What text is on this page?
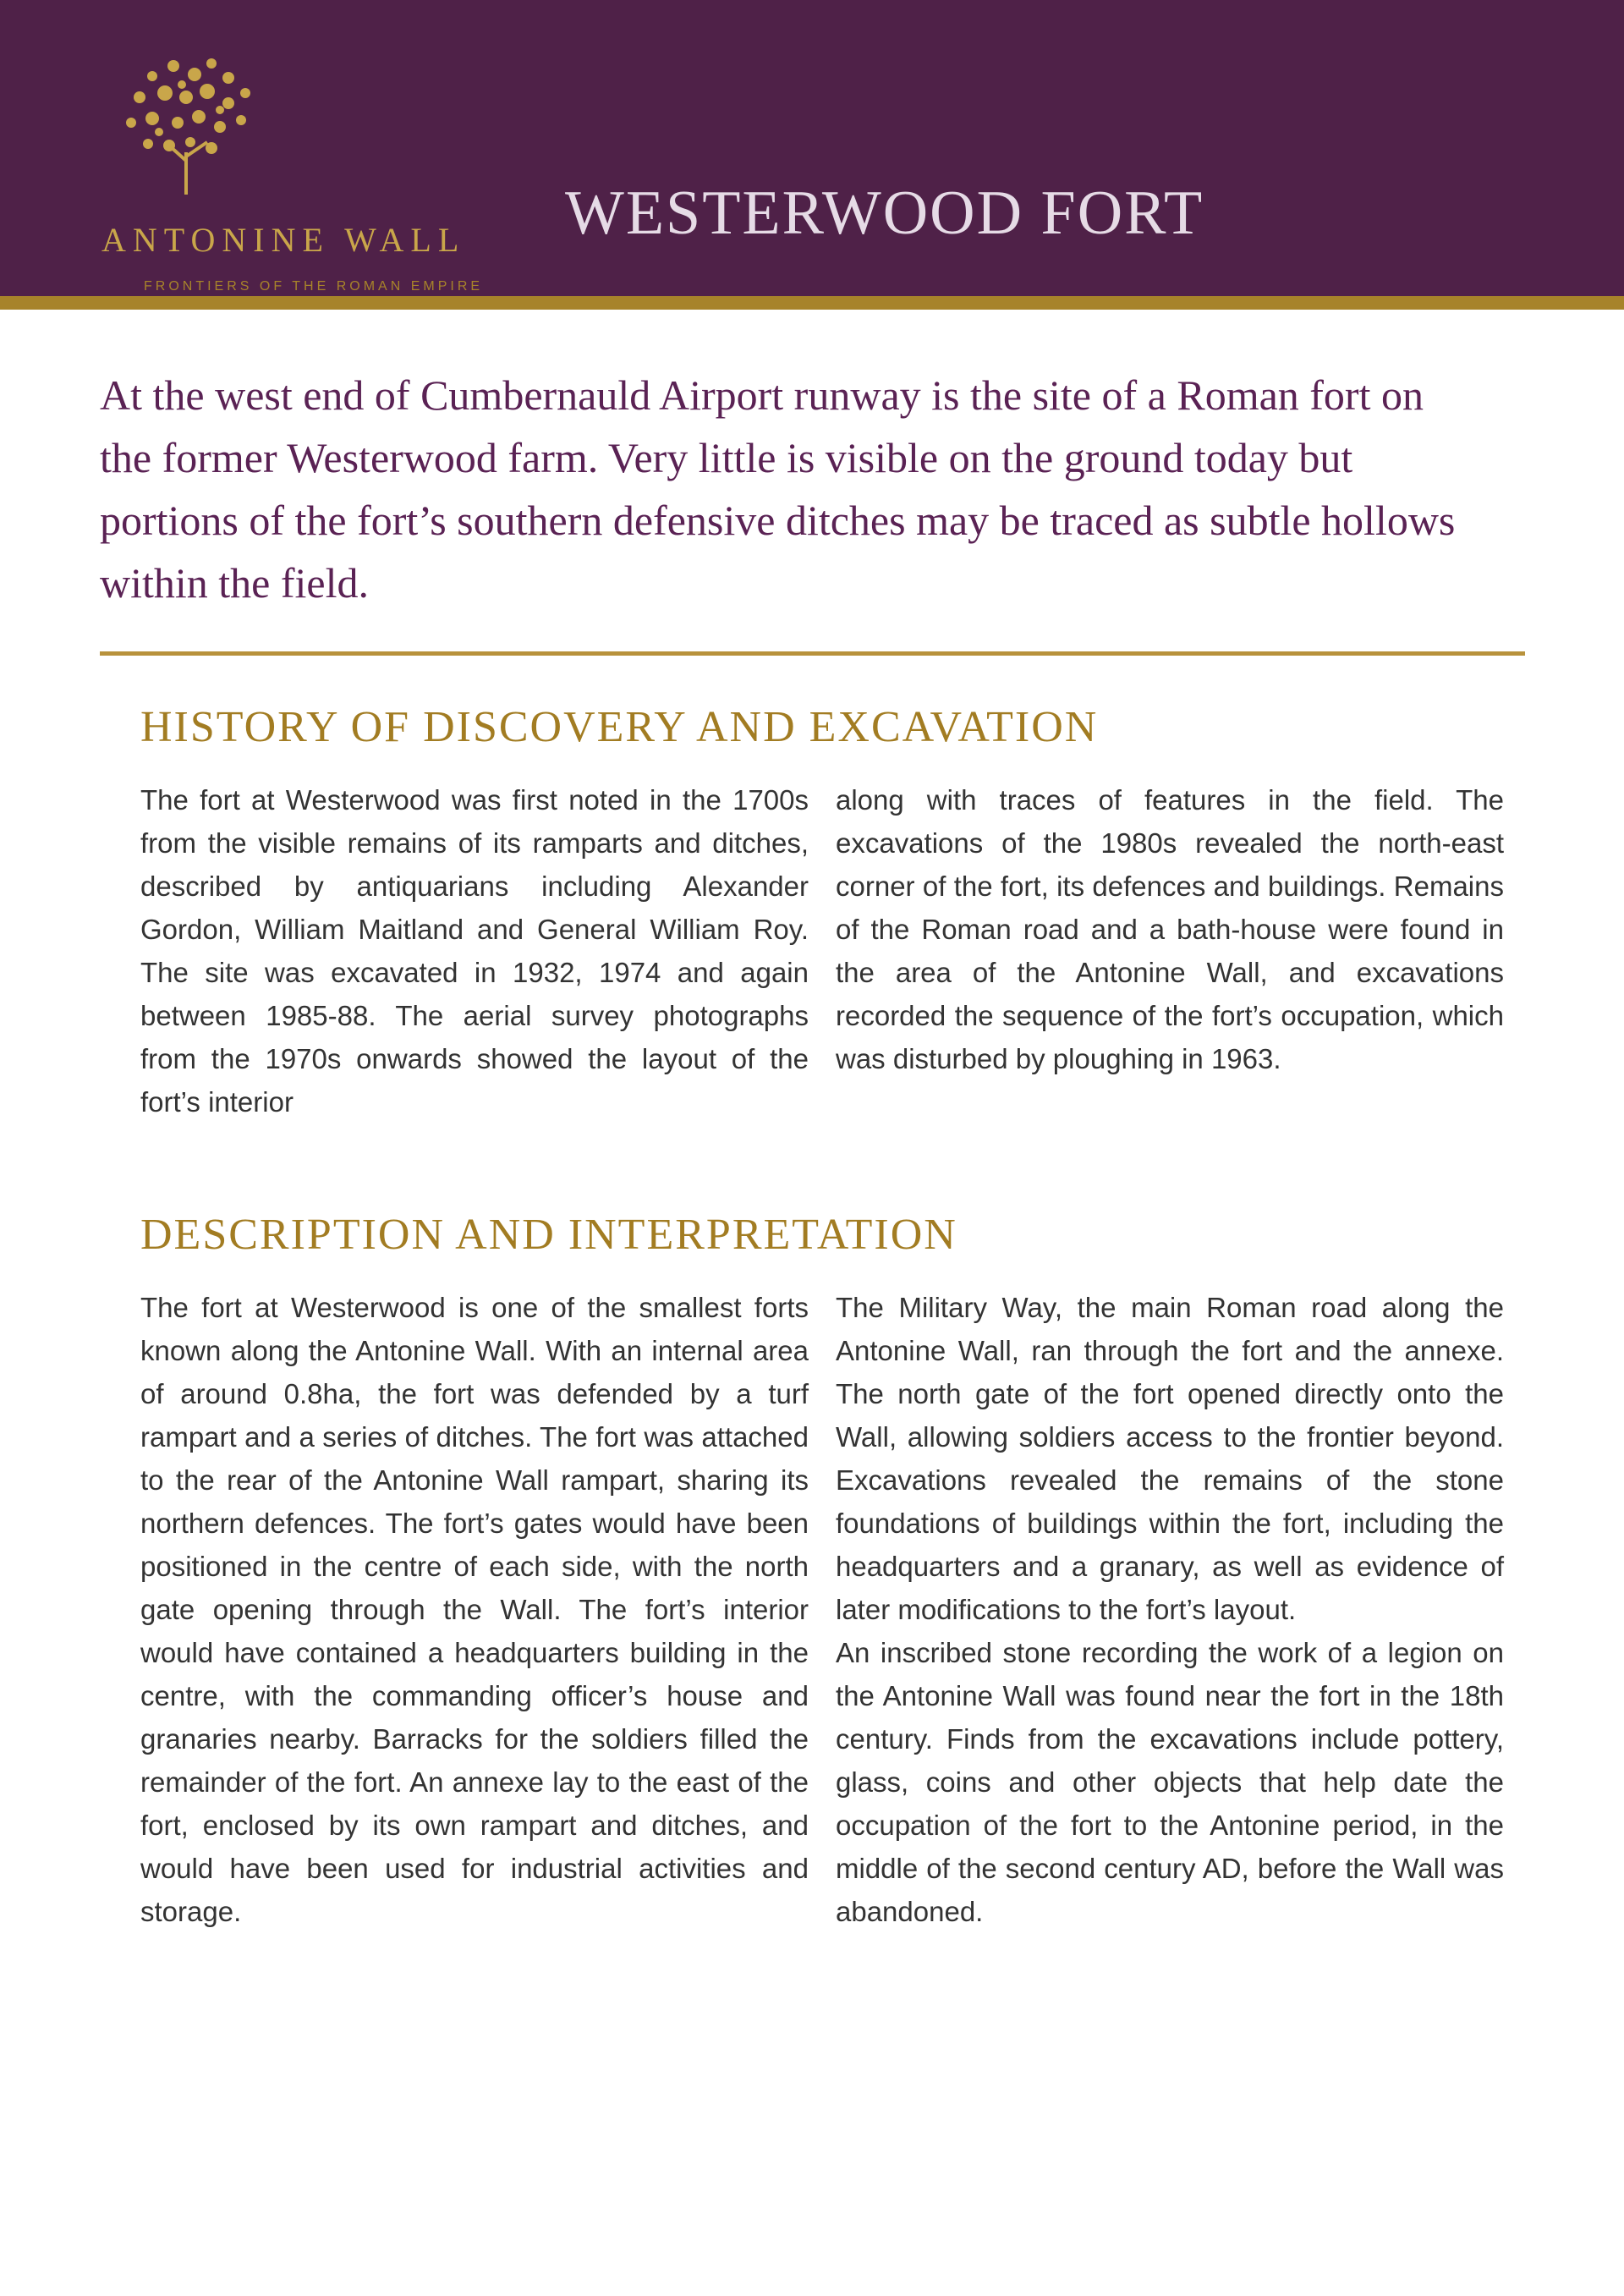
ANTONINE WALL
FRONTIERS OF THE ROMAN EMPIRE
WESTERWOOD FORT

At the west end of Cumbernauld Airport runway is the site of a Roman fort on the former Westerwood farm. Very little is visible on the ground today but portions of the fort’s southern defensive ditches may be traced as subtle hollows within the field.

HISTORY OF DISCOVERY AND EXCAVATION

The fort at Westerwood was first noted in the 1700s from the visible remains of its ramparts and ditches, described by antiquarians including Alexander Gordon, William Maitland and General William Roy. The site was excavated in 1932, 1974 and again between 1985-88. The aerial survey photographs from the 1970s onwards showed the layout of the fort’s interior

along with traces of features in the field. The excavations of the 1980s revealed the north-east corner of the fort, its defences and buildings. Remains of the Roman road and a bath-house were found in the area of the Antonine Wall, and excavations recorded the sequence of the fort’s occupation, which was disturbed by ploughing in 1963.

DESCRIPTION AND INTERPRETATION

The fort at Westerwood is one of the smallest forts known along the Antonine Wall. With an internal area of around 0.8ha, the fort was defended by a turf rampart and a series of ditches. The fort was attached to the rear of the Antonine Wall rampart, sharing its northern defences. The fort’s gates would have been positioned in the centre of each side, with the north gate opening through the Wall. The fort’s interior would have contained a headquarters building in the centre, with the commanding officer’s house and granaries nearby. Barracks for the soldiers filled the remainder of the fort. An annexe lay to the east of the fort, enclosed by its own rampart and ditches, and would have been used for industrial activities and storage.

The Military Way, the main Roman road along the Antonine Wall, ran through the fort and the annexe. The north gate of the fort opened directly onto the Wall, allowing soldiers access to the frontier beyond. Excavations revealed the remains of the stone foundations of buildings within the fort, including the headquarters and a granary, as well as evidence of later modifications to the fort’s layout.
An inscribed stone recording the work of a legion on the Antonine Wall was found near the fort in the 18th century. Finds from the excavations include pottery, glass, coins and other objects that help date the occupation of the fort to the Antonine period, in the middle of the second century AD, before the Wall was abandoned.
